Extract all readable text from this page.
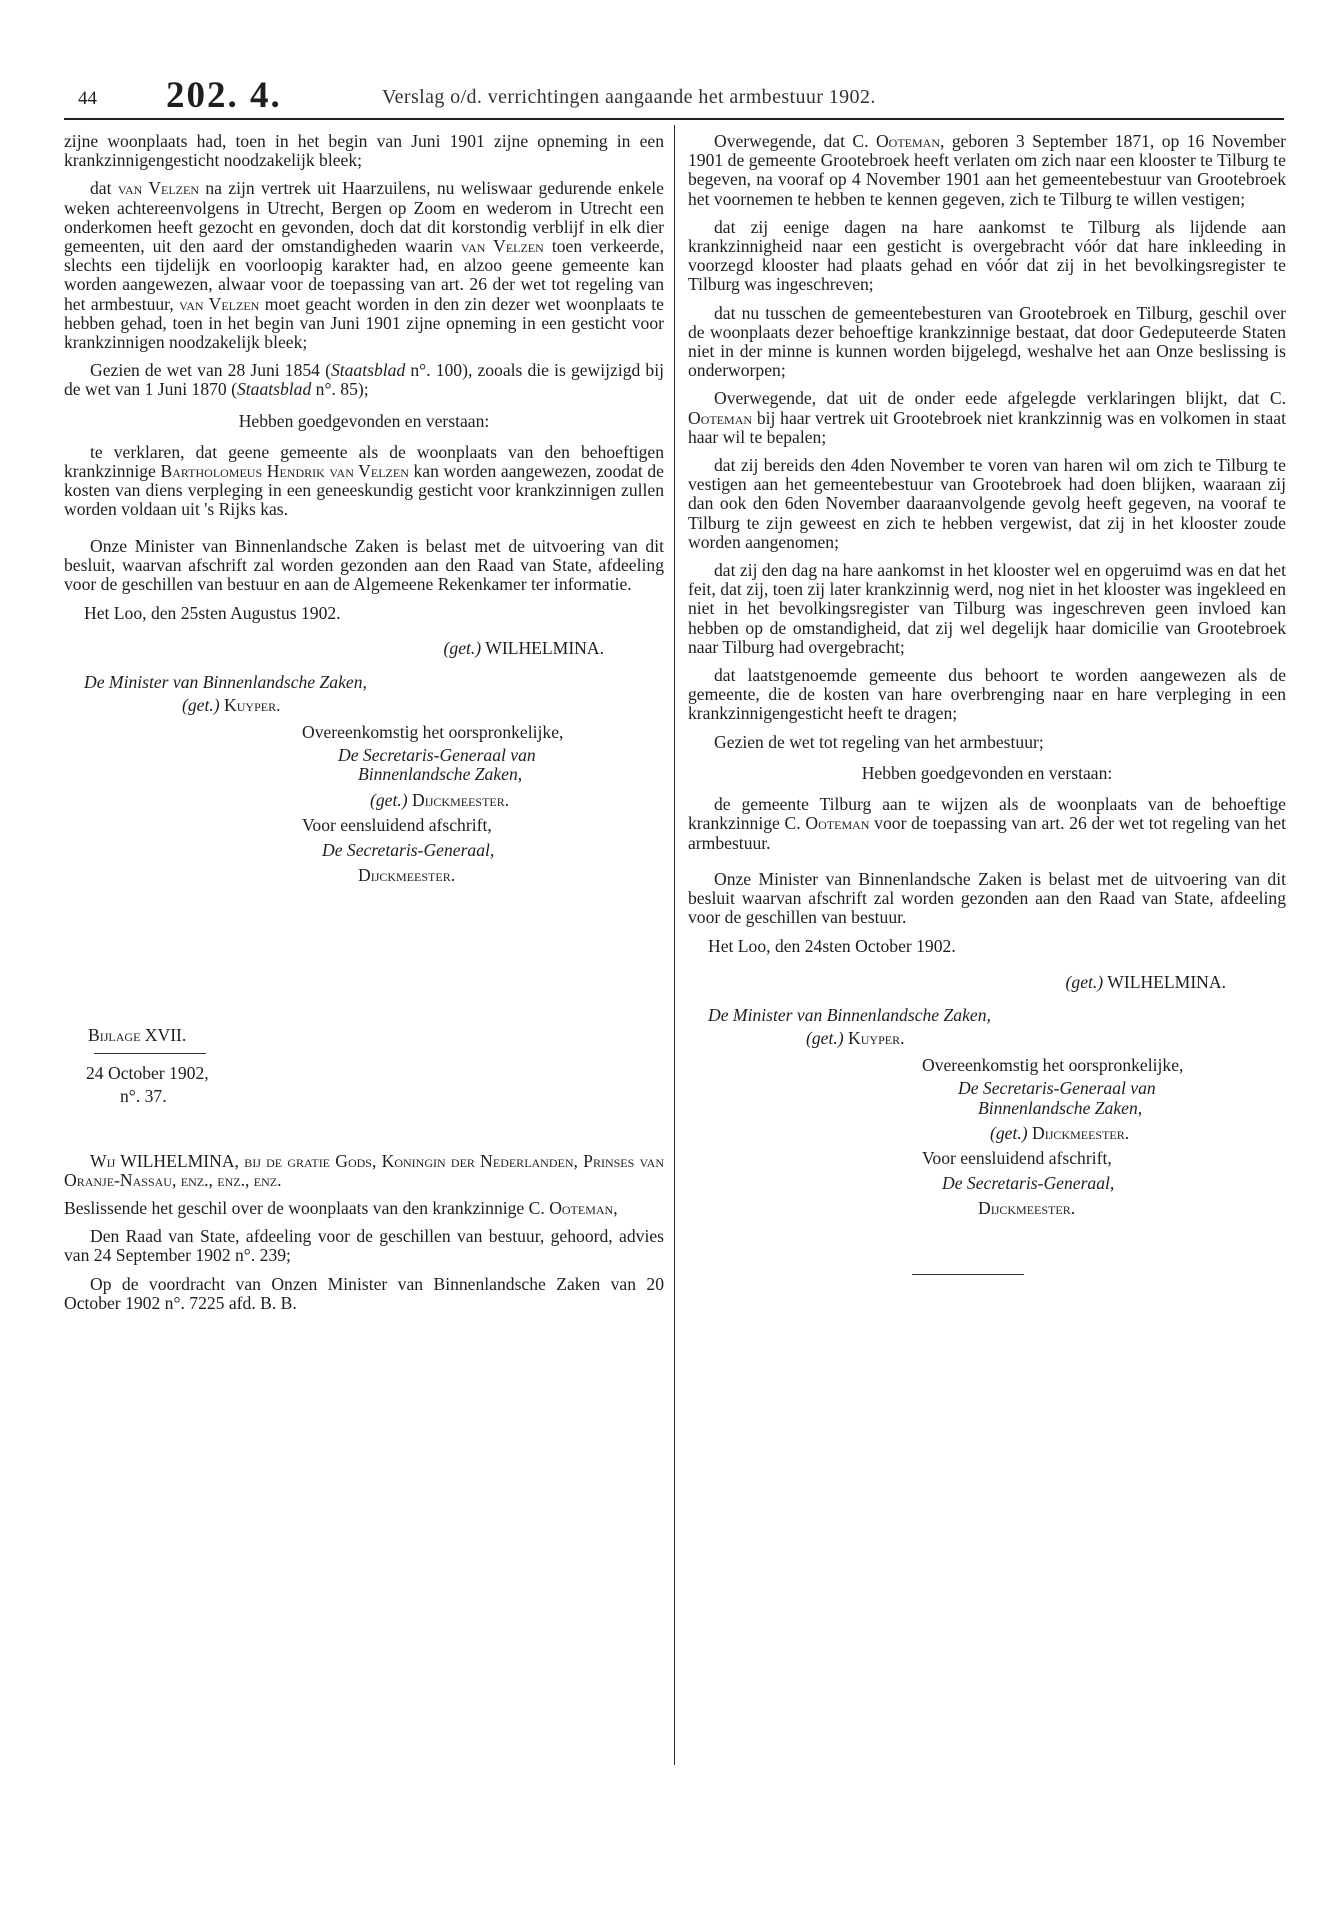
44 202. 4.	Verslag o/d. verrichtingen aangaande het armbestuur 1902.

zijne woonplaats had, toen in het begin van Juni 1901 zijne opneming in een krankzinnigengesticht noodzakelijk bleek;

dat van Velzen na zijn vertrek uit Haarzuilens, nu weliswaar gedurende enkele weken achtereenvolgens in Utrecht, Bergen op Zoom en wederom in Utrecht een onderkomen heeft gezocht en gevonden, doch dat dit korstondig verblijf in elk dier gemeenten, uit den aard der omstandigheden waarin van Velzen toen verkeerde, slechts een tijdelijk en voorloopig karakter had, en alzoo geene gemeente kan worden aangewezen, alwaar voor de toepassing van art. 26 der wet tot regeling van het armbestuur, van Velzen moet geacht worden in den zin dezer wet woonplaats te hebben gehad, toen in het begin van Juni 1901 zijne opneming in een gesticht voor krankzinnigen noodzakelijk bleek;

Gezien de wet van 28 Juni 1854 (Staatsblad n°. 100), zooals die is gewijzigd bij de wet van 1 Juni 1870 (Staatsblad n°. 85);

Hebben goedgevonden en verstaan:

te verklaren, dat geene gemeente als de woonplaats van den behoeftigen krankzinnige Bartholomeus Hendrik van Velzen kan worden aangewezen, zoodat de kosten van diens verpleging in een geneeskundig gesticht voor krankzinnigen zullen worden voldaan uit 's Rijks kas.

Onze Minister van Binnenlandsche Zaken is belast met de uitvoering van dit besluit, waarvan afschrift zal worden gezonden aan den Raad van State, afdeeling voor de geschillen van bestuur en aan de Algemeene Rekenkamer ter informatie.

Het Loo, den 25sten Augustus 1902.

(get.) WILHELMINA.

De Minister van Binnenlandsche Zaken,

(get.) Kuyper.

Overeenkomstig het oorspronkelijke,

De Secretaris-Generaal van

Binnenlandsche Zaken,

(get.) Dijckmeester.

Voor eensluidend afschrift,

De Secretaris-Generaal,

Dijckmeester.

Bijlage XVII.
24 October 1902,
n°. 37.

Wij WILHELMINA, bij de gratie Gods, Koningin der Nederlanden, Prinses van Oranje-Nassau, enz., enz., enz.

Beslissende het geschil over de woonplaats van den krankzinnige C. Ooteman,

Den Raad van State, afdeeling voor de geschillen van bestuur, gehoord, advies van 24 September 1902 n°. 239;

Op de voordracht van Onzen Minister van Binnenlandsche Zaken van 20 October 1902 n°. 7225 afd. B. B.

Overwegende, dat C. Ooteman, geboren 3 September 1871, op 16 November 1901 de gemeente Grootebroek heeft verlaten om zich naar een klooster te Tilburg te begeven, na vooraf op 4 November 1901 aan het gemeentebestuur van Grootebroek het voornemen te hebben te kennen gegeven, zich te Tilburg te willen vestigen;

dat zij eenige dagen na hare aankomst te Tilburg als lijdende aan krankzinnigheid naar een gesticht is overgebracht vóór dat hare inkleeding in voorzegd klooster had plaats gehad en vóór dat zij in het bevolkingsregister te Tilburg was ingeschreven;

dat nu tusschen de gemeentebesturen van Grootebroek en Tilburg, geschil over de woonplaats dezer behoeftige krankzinnige bestaat, dat door Gedeputeerde Staten niet in der minne is kunnen worden bijgelegd, weshalve het aan Onze beslissing is onderworpen;

Overwegende, dat uit de onder eede afgelegde verklaringen blijkt, dat C. Ooteman bij haar vertrek uit Grootebroek niet krankzinnig was en volkomen in staat haar wil te bepalen;

dat zij bereids den 4den November te voren van haren wil om zich te Tilburg te vestigen aan het gemeentebestuur van Grootebroek had doen blijken, waaraan zij dan ook den 6den November daaraanvolgende gevolg heeft gegeven, na vooraf te Tilburg te zijn geweest en zich te hebben vergewist, dat zij in het klooster zoude worden aangenomen;

dat zij den dag na hare aankomst in het klooster wel en opgeruimd was en dat het feit, dat zij, toen zij later krankzinnig werd, nog niet in het klooster was ingekleed en niet in het bevolkingsregister van Tilburg was ingeschreven geen invloed kan hebben op de omstandigheid, dat zij wel degelijk haar domicilie van Grootebroek naar Tilburg had overgebracht;

dat laatstgenoemde gemeente dus behoort te worden aangewezen als de gemeente, die de kosten van hare overbrenging naar en hare verpleging in een krankzinnigengesticht heeft te dragen;

Gezien de wet tot regeling van het armbestuur;

Hebben goedgevonden en verstaan:

de gemeente Tilburg aan te wijzen als de woonplaats van de behoeftige krankzinnige C. Ooteman voor de toepassing van art. 26 der wet tot regeling van het armbestuur.

Onze Minister van Binnenlandsche Zaken is belast met de uitvoering van dit besluit waarvan afschrift zal worden gezonden aan den Raad van State, afdeeling voor de geschillen van bestuur.

Het Loo, den 24sten October 1902.

(get.) WILHELMINA.

De Minister van Binnenlandsche Zaken,

(get.) Kuyper.

Overeenkomstig het oorspronkelijke,

De Secretaris-Generaal van

Binnenlandsche Zaken,

(get.) Dijckmeester.

Voor eensluidend afschrift,

De Secretaris-Generaal,

Dijckmeester.
